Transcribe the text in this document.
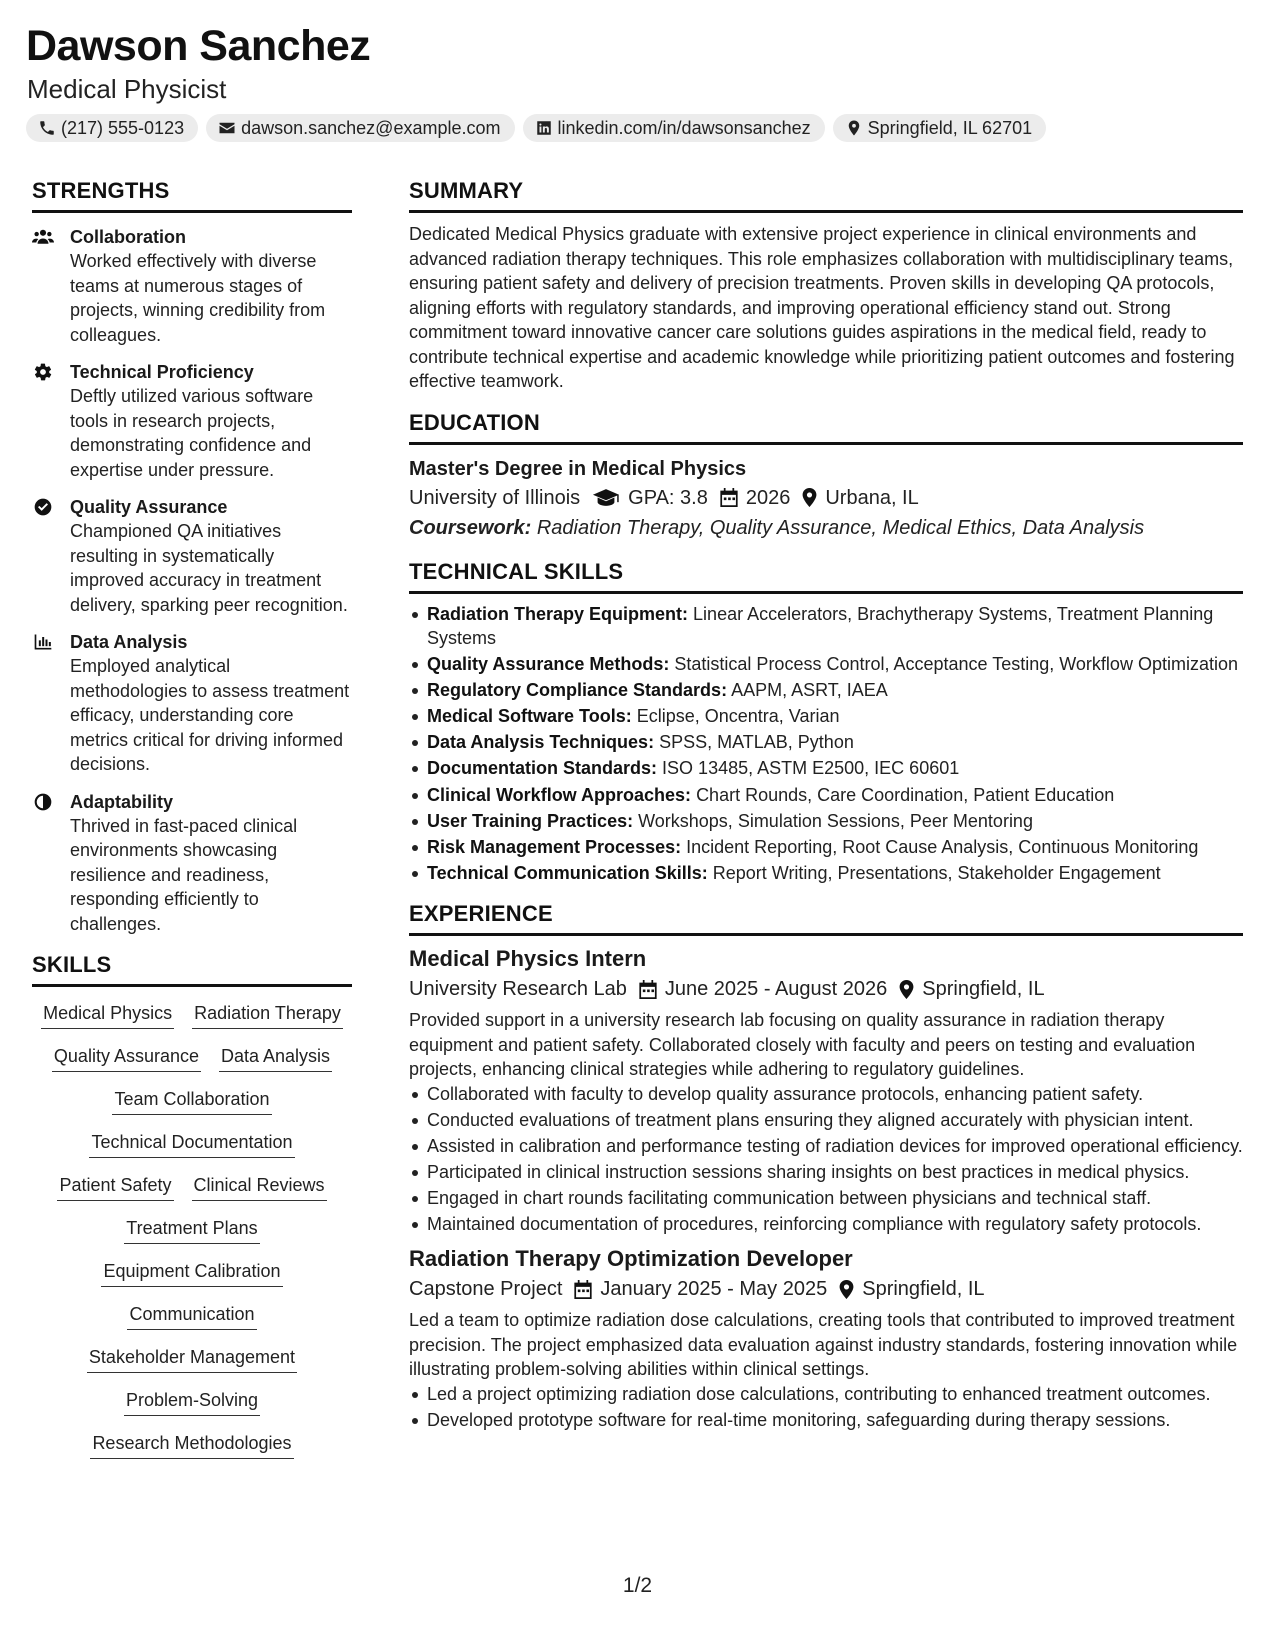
Dawson Sanchez
Medical Physicist
(217) 555-0123	dawson.sanchez@example.com	linkedin.com/in/dawsonsanchez	Springfield, IL 62701
STRENGTHS
Collaboration
Worked effectively with diverse teams at numerous stages of projects, winning credibility from colleagues.
Technical Proficiency
Deftly utilized various software tools in research projects, demonstrating confidence and expertise under pressure.
Quality Assurance
Championed QA initiatives resulting in systematically improved accuracy in treatment delivery, sparking peer recognition.
Data Analysis
Employed analytical methodologies to assess treatment efficacy, understanding core metrics critical for driving informed decisions.
Adaptability
Thrived in fast-paced clinical environments showcasing resilience and readiness, responding efficiently to challenges.
SKILLS
Medical Physics Radiation Therapy
Quality Assurance Data Analysis
Team Collaboration
Technical Documentation
Patient Safety Clinical Reviews
Treatment Plans
Equipment Calibration
Communication
Stakeholder Management
Problem-Solving
Research Methodologies
SUMMARY
Dedicated Medical Physics graduate with extensive project experience in clinical environments and advanced radiation therapy techniques. This role emphasizes collaboration with multidisciplinary teams, ensuring patient safety and delivery of precision treatments. Proven skills in developing QA protocols, aligning efforts with regulatory standards, and improving operational efficiency stand out. Strong commitment toward innovative cancer care solutions guides aspirations in the medical field, ready to contribute technical expertise and academic knowledge while prioritizing patient outcomes and fostering effective teamwork.
EDUCATION
Master's Degree in Medical Physics
University of Illinois GPA: 3.8 2026 Urbana, IL
Coursework: Radiation Therapy, Quality Assurance, Medical Ethics, Data Analysis
TECHNICAL SKILLS
Radiation Therapy Equipment: Linear Accelerators, Brachytherapy Systems, Treatment Planning Systems
Quality Assurance Methods: Statistical Process Control, Acceptance Testing, Workflow Optimization
Regulatory Compliance Standards: AAPM, ASRT, IAEA
Medical Software Tools: Eclipse, Oncentra, Varian
Data Analysis Techniques: SPSS, MATLAB, Python
Documentation Standards: ISO 13485, ASTM E2500, IEC 60601
Clinical Workflow Approaches: Chart Rounds, Care Coordination, Patient Education
User Training Practices: Workshops, Simulation Sessions, Peer Mentoring
Risk Management Processes: Incident Reporting, Root Cause Analysis, Continuous Monitoring
Technical Communication Skills: Report Writing, Presentations, Stakeholder Engagement
EXPERIENCE
Medical Physics Intern
University Research Lab June 2025 - August 2026 Springfield, IL
Provided support in a university research lab focusing on quality assurance in radiation therapy equipment and patient safety. Collaborated closely with faculty and peers on testing and evaluation projects, enhancing clinical strategies while adhering to regulatory guidelines.
Collaborated with faculty to develop quality assurance protocols, enhancing patient safety.
Conducted evaluations of treatment plans ensuring they aligned accurately with physician intent.
Assisted in calibration and performance testing of radiation devices for improved operational efficiency.
Participated in clinical instruction sessions sharing insights on best practices in medical physics.
Engaged in chart rounds facilitating communication between physicians and technical staff.
Maintained documentation of procedures, reinforcing compliance with regulatory safety protocols.
Radiation Therapy Optimization Developer
Capstone Project January 2025 - May 2025 Springfield, IL
Led a team to optimize radiation dose calculations, creating tools that contributed to improved treatment precision. The project emphasized data evaluation against industry standards, fostering innovation while illustrating problem-solving abilities within clinical settings.
Led a project optimizing radiation dose calculations, contributing to enhanced treatment outcomes.
Developed prototype software for real-time monitoring, safeguarding during therapy sessions.
1/2
